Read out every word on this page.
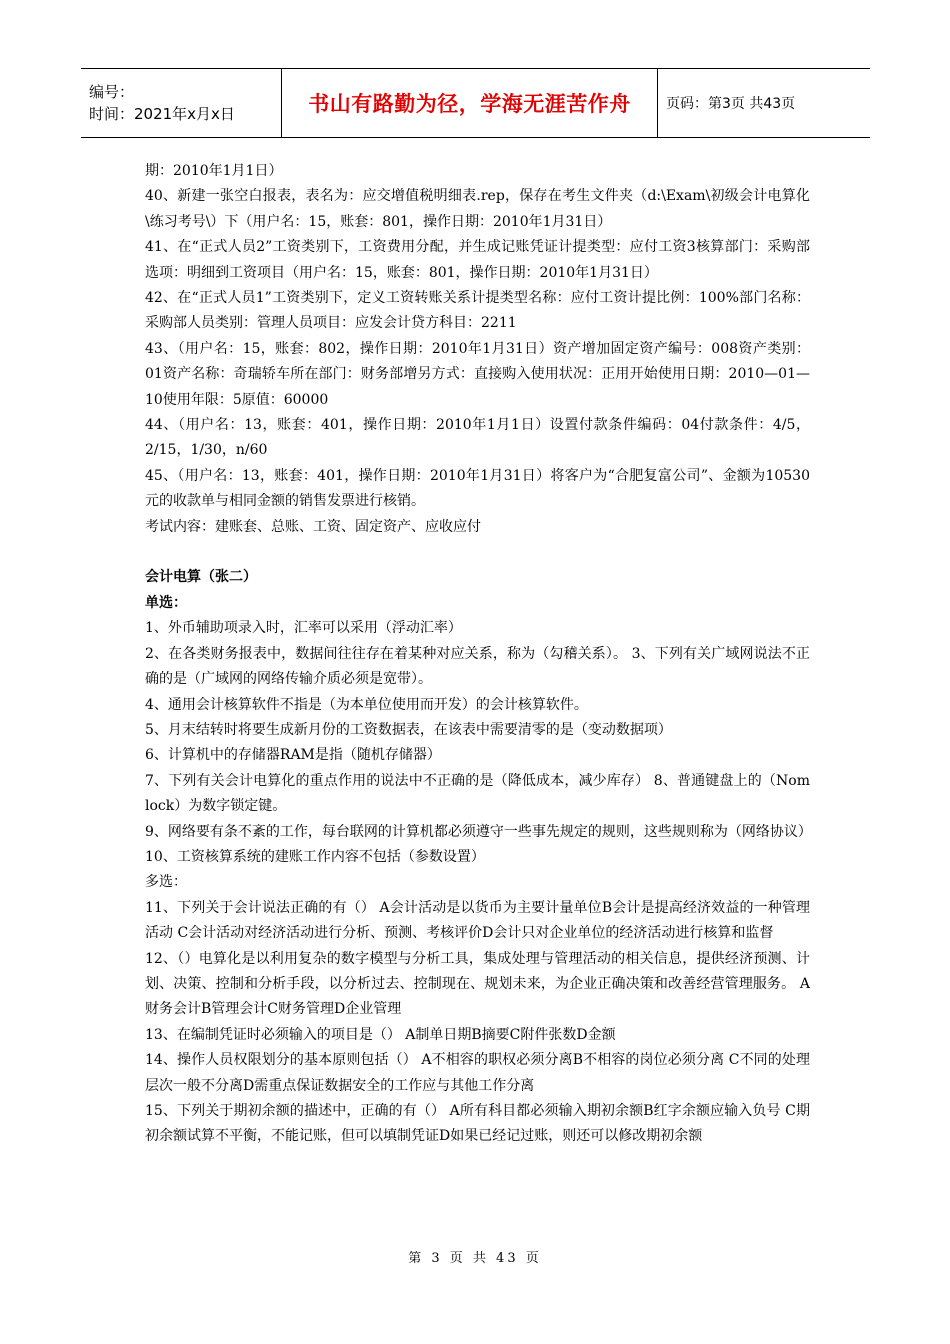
编号：
时间：2021年x月x日	书山有路勤为径，学海无涯苦作舟	页码：第3页 共43页

期：2010年1月1日）

40、新建一张空白报表，表名为：应交增值税明细表.rep，保存在考生文件夹（d:\Exam\初级会计电算化\练习考号\）下（用户名：15，账套：801，操作日期：2010年1月31日）

41、在“正式人员2”工资类别下，工资费用分配，并生成记账凭证计提类型：应付工资3核算部门：采购部选项：明细到工资项目（用户名：15，账套：801，操作日期：2010年1月31日）

42、在“正式人员1”工资类别下，定义工资转账关系计提类型名称：应付工资计提比例：100%部门名称：采购部人员类别：管理人员项目：应发会计贷方科目：2211

43、（用户名：15，账套：802，操作日期：2010年1月31日）资产增加固定资产编号：008资产类别：01资产名称：奇瑞轿车所在部门：财务部增另方式：直接购入使用状况：正用开始使用日期：2010—01—10使用年限：5原值：60000

44、（用户名：13，账套：401，操作日期：2010年1月1日）设置付款条件编码：04付款条件：4/5， 2/15，1/30，n/60

45、（用户名：13，账套：401，操作日期：2010年1月31日）将客户为“合肥复富公司”、金额为10530元的收款单与相同金额的销售发票进行核销。

考试内容：建账套、总账、工资、固定资产、应收应付

会计电算（张二）

单选：

1、外币辅助项录入时，汇率可以采用（浮动汇率）

2、在各类财务报表中，数据间往往存在着某种对应关系，称为（勾稽关系）。 3、下列有关广域网说法不正确的是（广域网的网络传输介质必须是宽带）。

4、通用会计核算软件不指是（为本单位使用而开发）的会计核算软件。

5、月末结转时将要生成新月份的工资数据表，在该表中需要清零的是（变动数据项）

6、计算机中的存储器RAM是指（随机存储器）

7、下列有关会计电算化的重点作用的说法中不正确的是（降低成本，减少库存） 8、普通键盘上的（Nom lock）为数字锁定键。

9、网络要有条不紊的工作，每台联网的计算机都必须遵守一些事先规定的规则，这些规则称为（网络协议）

10、工资核算系统的建账工作内容不包括（参数设置）

多选：

11、下列关于会计说法正确的有（） A会计活动是以货币为主要计量单位B会计是提高经济效益的一种管理活动 C会计活动对经济活动进行分析、预测、考核评价D会计只对企业单位的经济活动进行核算和监督

12、（）电算化是以利用复杂的数字模型与分析工具，集成处理与管理活动的相关信息，提供经济预测、计划、决策、控制和分析手段，以分析过去、控制现在、规划未来，为企业正确决策和改善经营管理服务。 A财务会计B管理会计C财务管理D企业管理

13、在编制凭证时必须输入的项目是（） A制单日期B摘要C附件张数D金额

14、操作人员权限划分的基本原则包括（） A不相容的职权必须分离B不相容的岗位必须分离 C不同的处理层次一般不分离D需重点保证数据安全的工作应与其他工作分离

15、下列关于期初余额的描述中，正确的有（） A所有科目都必须输入期初余额B红字余额应输入负号 C期初余额试算不平衡，不能记账，但可以填制凭证D如果已经记过账，则还可以修改期初余额

第 3 页 共 43 页
